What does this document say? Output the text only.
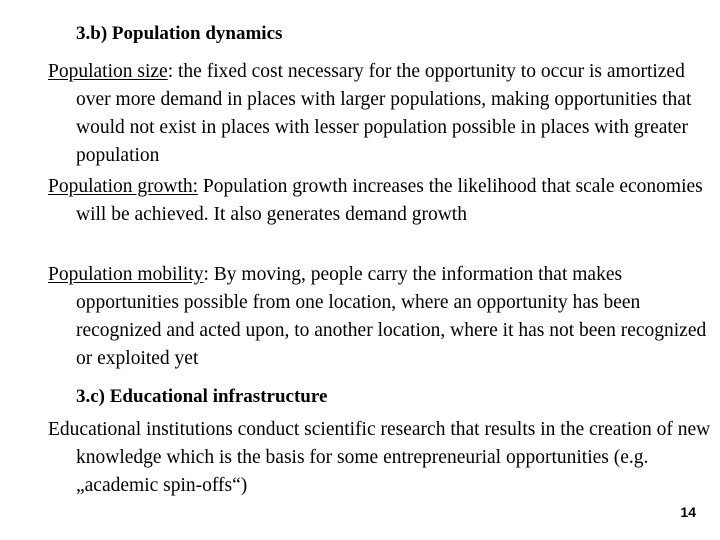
3.b) Population dynamics
Population size: the fixed cost necessary for the opportunity to occur is amortized over more demand in places with larger populations, making opportunities that would not exist in places with lesser population possible in places with greater population
Population growth: Population growth increases the likelihood that scale economies will be achieved. It also generates demand growth
Population mobility: By moving, people carry the information that makes opportunities possible from one location, where an opportunity has been recognized and acted upon, to another location, where it has not been recognized or exploited yet
3.c) Educational infrastructure
Educational institutions conduct scientific research that results in the creation of new knowledge which is the basis for some entrepreneurial opportunities (e.g. „academic spin-offs“)
14
